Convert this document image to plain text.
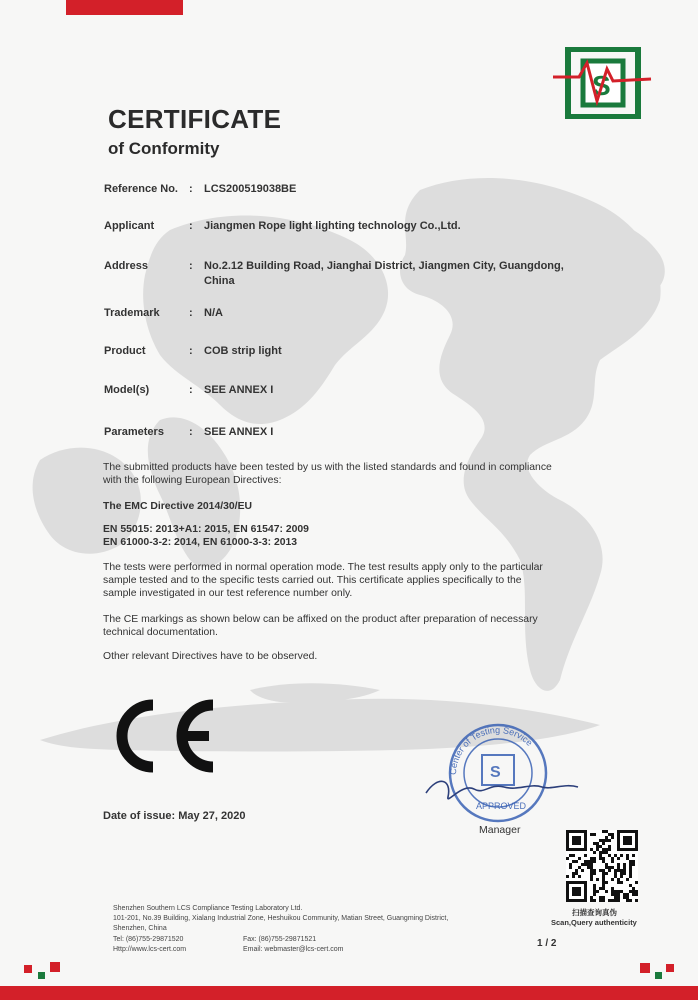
S
CERTIFICATE
of Conformity
Reference No. : LCS200519038BE
Applicant	: Jiangmen Rope light lighting technology Co.,Ltd.
Address	: No.2.12 Building Road, Jianghai District, Jiangmen City, Guangdong,
China
Trademark	: N/A
Product	: COB strip light
Model(s)	: SEE ANNEX I
Parameters : SEE ANNEX I
The submitted products have been tested by us with the listed standards and found in compliance
with the following European Directives:
The EMC Directive 2014/30/EU
EN 55015: 2013+A1: 2015, EN 61547: 2009
EN 61000-3-2: 2014, EN 61000-3-3: 2013
The tests were performed in normal operation mode. The test results apply only to the particular
sample tested and to the specific tests carried out. This certificate applies specifically to the
sample investigated in our test reference number only.
The CE markings as shown below can be affixed on the product after preparation of necessary
technical documentation.
Other relevant Directives have to be observed.
Center of Testing Service
S
APPROVED
Date of issue: May 27, 2020
Manager
扫描查询真伪
Scan,Query authenticity
Shenzhen Southern LCS Compliance Testing Laboratory Ltd.
101-201, No.39 Building, Xialang Industrial Zone, Heshuikou Community, Matian Street, Guangming District,
Shenzhen, China
Tel: (86)755-29871520	Fax: (86)755-29871521
Http://www.lcs-cert.com	Email: webmaster@lcs-cert.com
1 / 2
